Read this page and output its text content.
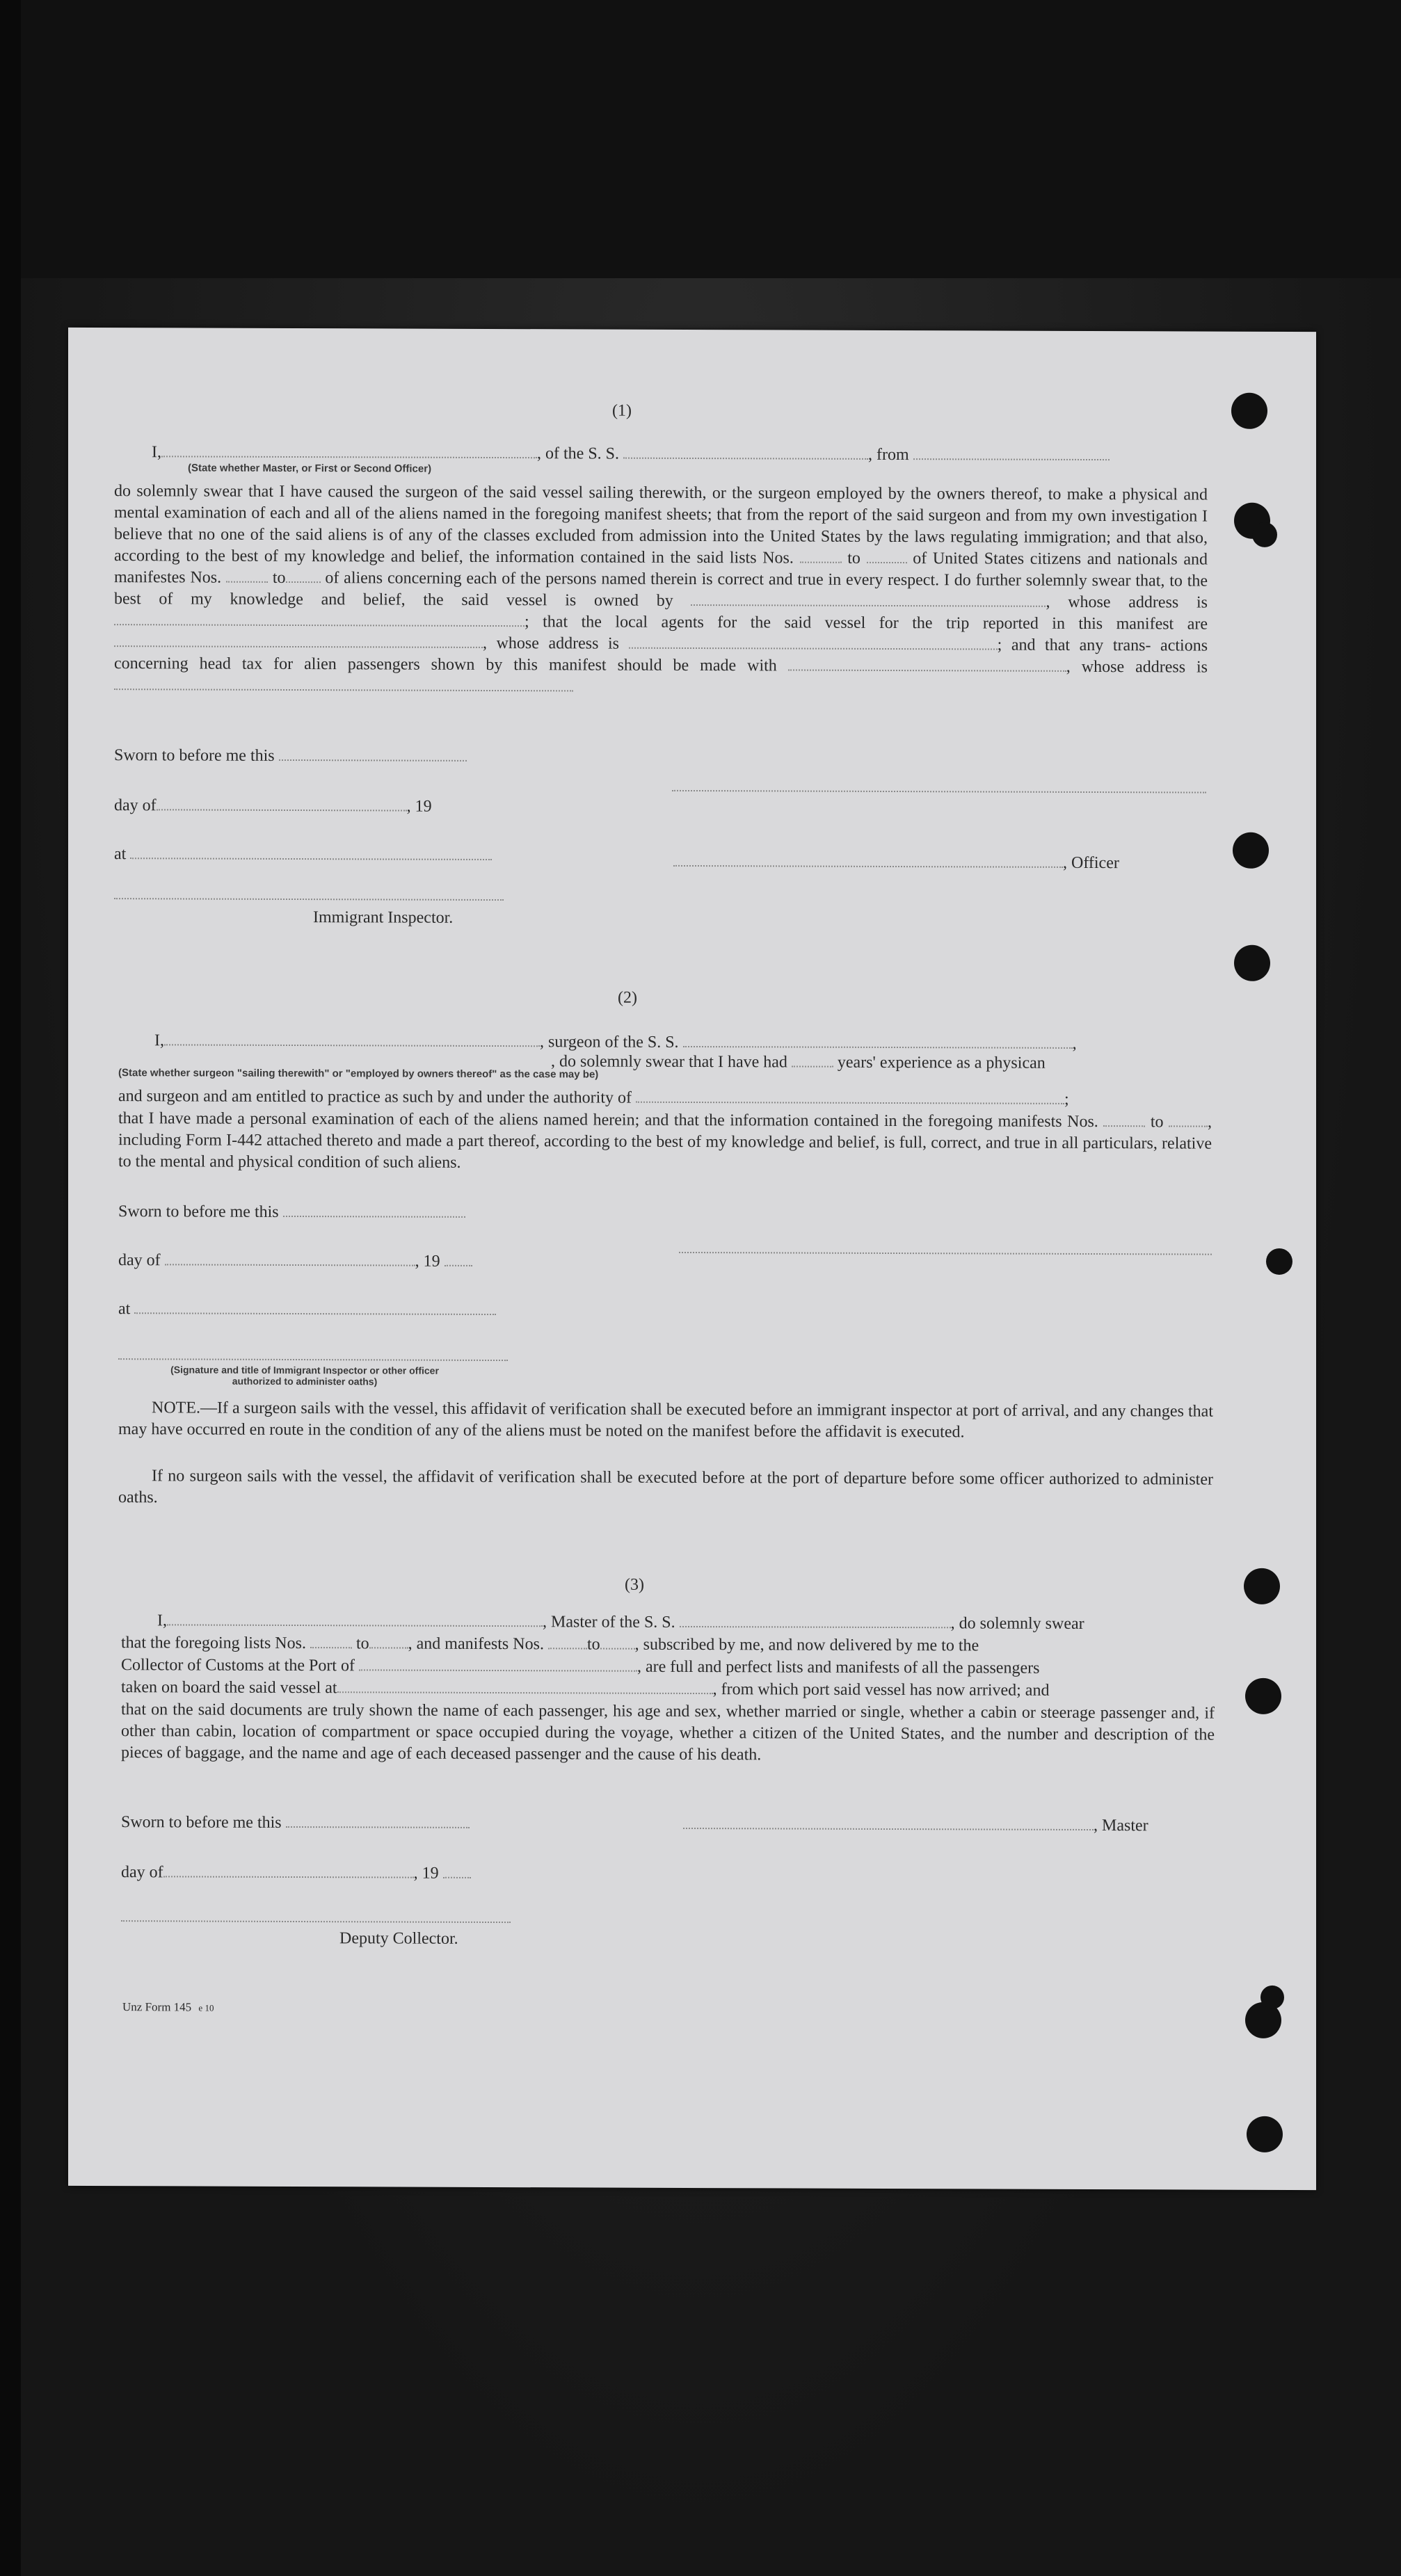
(1)
I,	, of the S. S.	, from
(State whether Master, or First or Second Officer)
do solemnly swear that I have caused the surgeon of the said vessel sailing therewith, or the surgeon employed by the owners thereof, to make a physical and mental examination of each and all of the aliens named in the foregoing manifest sheets; that from the report of the said surgeon and from my own investigation I believe that no one of the said aliens is of any of the classes excluded from admission into the United States by the laws regulating immigration; and that also, according to the best of my knowledge and belief, the information contained in the said lists Nos.	to	of United States citizens and nationals and manifestes Nos.	to of aliens concerning each of the persons named therein is correct and true in every respect. I do further solemnly swear that, to the best of my knowledge and belief, the said vessel is owned by	, whose address is ; that the local agents for the said vessel for the trip reported in this manifest are , whose address is	; and that any trans- actions concerning head tax for alien passengers shown by this manifest should be made with	, whose address is
Sworn to before me this
day of	, 19
at	, Officer
Immigrant Inspector.
(2)
I,	, surgeon of the S. S.	,
, do solemnly swear that I have had	years' experience as a physican
(State whether surgeon "sailing therewith" or "employed by owners thereof" as the case may be)
and surgeon and am entitled to practice as such by and under the authority of	;
that I have made a personal examination of each of the aliens named herein; and that the information contained in the foregoing manifests Nos.	to	, including Form I-442 attached thereto and made a part thereof, according to the best of my knowledge and belief, is full, correct, and true in all particulars, relative to the mental and physical condition of such aliens.
Sworn to before me this
day of	, 19
at
(Signature and title of Immigrant Inspector or other officer authorized to administer oaths)
NOTE.—If a surgeon sails with the vessel, this affidavit of verification shall be executed before an immigrant inspector at port of arrival, and any changes that may have occurred en route in the condition of any of the aliens must be noted on the manifest before the affidavit is executed.
If no surgeon sails with the vessel, the affidavit of verification shall be executed before at the port of departure before some officer authorized to administer oaths.
(3)
I,	, Master of the S. S.	, do solemnly swear
that the foregoing lists Nos.	to , and manifests Nos.	to , subscribed by me, and now delivered by me to the
Collector of Customs at the Port of	, are full and perfect lists and manifests of all the passengers
taken on board the said vessel at	, from which port said vessel has now arrived; and
that on the said documents are truly shown the name of each passenger, his age and sex, whether married or single, whether a cabin or steerage passenger and, if other than cabin, location of compartment or space occupied during the voyage, whether a citizen of the United States, and the number and description of the pieces of baggage, and the name and age of each deceased passenger and the cause of his death.
Sworn to before me this	, Master
day of	, 19
Deputy Collector.
Unz Form 145 e 10
